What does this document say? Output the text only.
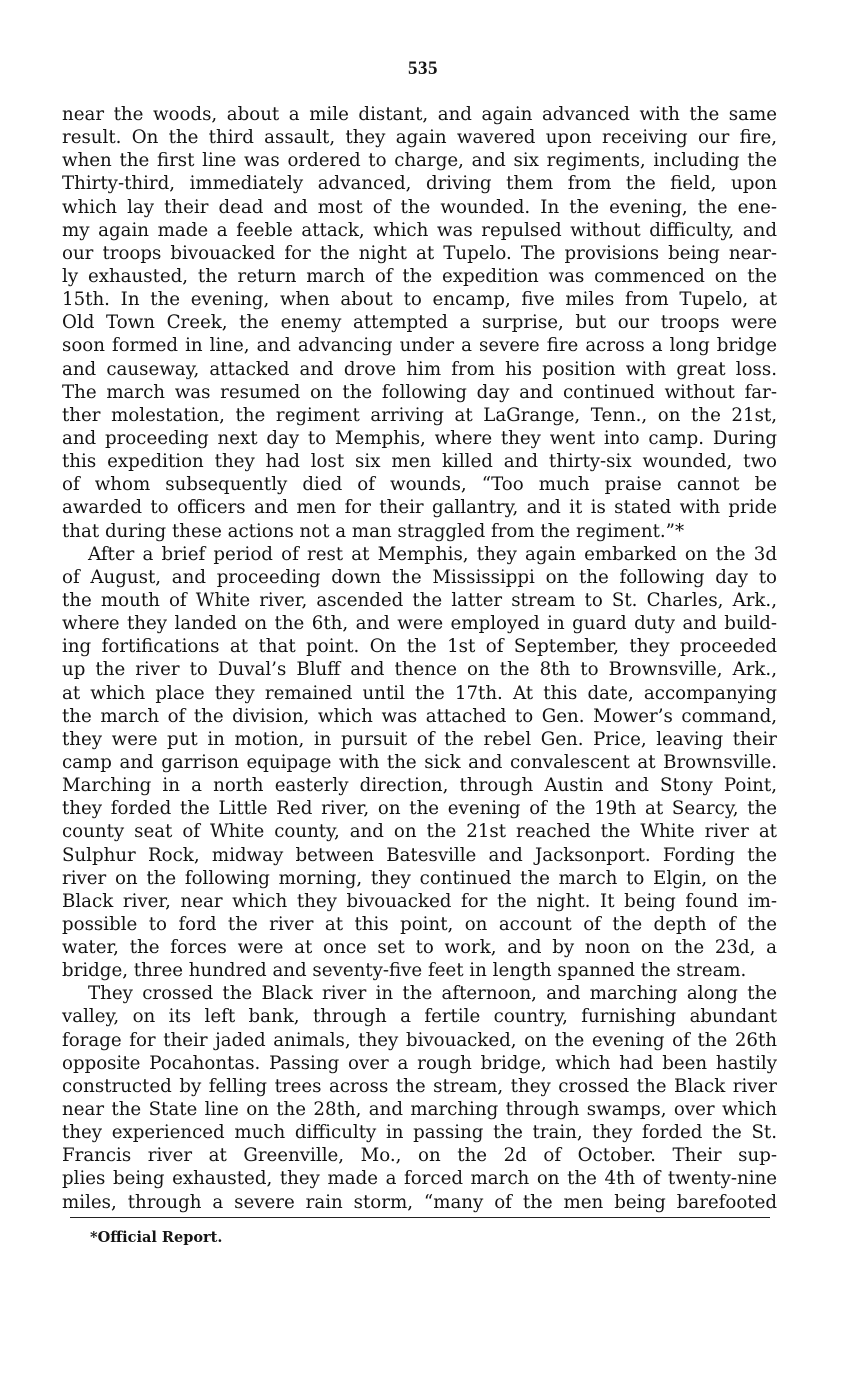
535
near the woods, about a mile distant, and again advanced with the same
result. On the third assault, they again wavered upon receiving our fire,
when the first line was ordered to charge, and six regiments, including the
Thirty-third, immediately advanced, driving them from the field, upon
which lay their dead and most of the wounded. In the evening, the ene-
my again made a feeble attack, which was repulsed without difficulty, and
our troops bivouacked for the night at Tupelo. The provisions being near-
ly exhausted, the return march of the expedition was commenced on the
15th. In the evening, when about to encamp, five miles from Tupelo, at
Old Town Creek, the enemy attempted a surprise, but our troops were
soon formed in line, and advancing under a severe fire across a long bridge
and causeway, attacked and drove him from his position with great loss.
The march was resumed on the following day and continued without far-
ther molestation, the regiment arriving at LaGrange, Tenn., on the 21st,
and proceeding next day to Memphis, where they went into camp. During
this expedition they had lost six men killed and thirty-six wounded, two
of whom subsequently died of wounds, “Too much praise cannot be
awarded to officers and men for their gallantry, and it is stated with pride
that during these actions not a man straggled from the regiment.”*
After a brief period of rest at Memphis, they again embarked on the 3d
of August, and proceeding down the Mississippi on the following day to
the mouth of White river, ascended the latter stream to St. Charles, Ark.,
where they landed on the 6th, and were employed in guard duty and build-
ing fortifications at that point. On the 1st of September, they proceeded
up the river to Duval’s Bluff and thence on the 8th to Brownsville, Ark.,
at which place they remained until the 17th. At this date, accompanying
the march of the division, which was attached to Gen. Mower’s command,
they were put in motion, in pursuit of the rebel Gen. Price, leaving their
camp and garrison equipage with the sick and convalescent at Brownsville.
Marching in a north easterly direction, through Austin and Stony Point,
they forded the Little Red river, on the evening of the 19th at Searcy, the
county seat of White county, and on the 21st reached the White river at
Sulphur Rock, midway between Batesville and Jacksonport. Fording the
river on the following morning, they continued the march to Elgin, on the
Black river, near which they bivouacked for the night. It being found im-
possible to ford the river at this point, on account of the depth of the
water, the forces were at once set to work, and by noon on the 23d, a
bridge, three hundred and seventy-five feet in length spanned the stream.
They crossed the Black river in the afternoon, and marching along the
valley, on its left bank, through a fertile country, furnishing abundant
forage for their jaded animals, they bivouacked, on the evening of the 26th
opposite Pocahontas. Passing over a rough bridge, which had been hastily
constructed by felling trees across the stream, they crossed the Black river
near the State line on the 28th, and marching through swamps, over which
they experienced much difficulty in passing the train, they forded the St.
Francis river at Greenville, Mo., on the 2d of October. Their sup-
plies being exhausted, they made a forced march on the 4th of twenty-nine
miles, through a severe rain storm, “many of the men being barefooted
*Official Report.
